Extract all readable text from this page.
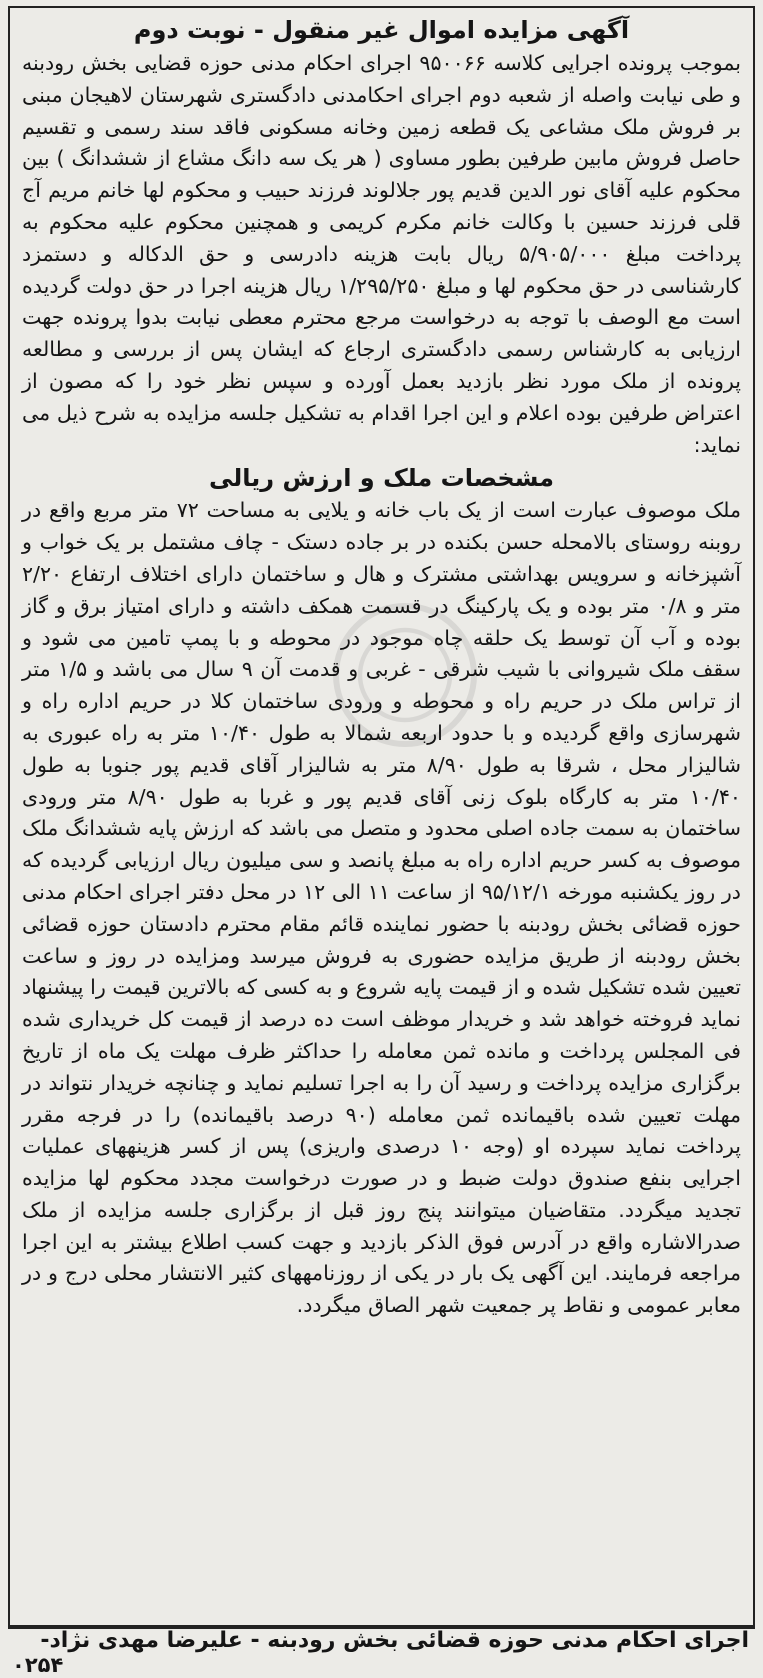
آگهی مزایده اموال غیر منقول - نوبت دوم

بموجب پرونده اجرایی کلاسه ۹۵۰۰۶۶ اجرای احکام مدنی حوزه قضایی بخش رودبنه و طی نیابت واصله از شعبه دوم اجرای احکامدنی دادگستری شهرستان لاهیجان مبنی بر فروش ملک مشاعی یک قطعه زمین وخانه مسکونی فاقد سند رسمی و تقسیم حاصل فروش مابین طرفین بطور مساوی ( هر یک سه دانگ مشاع از ششدانگ ) بین محکوم علیه آقای نور الدین قدیم پور جلالوند فرزند حبیب و محکوم لها خانم مریم آج قلی فرزند حسین با وکالت خانم مکرم کریمی و همچنین محکوم علیه محکوم به پرداخت مبلغ ۵/۹۰۵/۰۰۰ ریال بابت هزینه دادرسی و حق الدکاله و دستمزد کارشناسی در حق محکوم لها و مبلغ ۱/۲۹۵/۲۵۰ ریال هزینه اجرا در حق دولت گردیده است مع الوصف با توجه به درخواست مرجع محترم معطی نیابت بدوا پرونده جهت ارزیابی به کارشناس رسمی دادگستری ارجاع که ایشان پس از بررسی و مطالعه پرونده از ملک مورد نظر بازدید بعمل آورده و سپس نظر خود را که مصون از اعتراض طرفین بوده اعلام و این اجرا اقدام به تشکیل جلسه مزایده به شرح ذیل می نماید:

مشخصات ملک و ارزش ریالی

ملک موصوف عبارت است از یک باب خانه و یلایی به مساحت ۷۲ متر مربع واقع در روبنه روستای بالامحله حسن بکنده در بر جاده دستک - چاف مشتمل بر یک خواب و آشپزخانه و سرویس بهداشتی مشترک و هال و ساختمان دارای اختلاف ارتفاع ۲/۲۰ متر و ۰/۸ متر بوده و یک پارکینگ در قسمت همکف داشته و دارای امتیاز برق و گاز بوده و آب آن توسط یک حلقه چاه موجود در محوطه و با پمپ تامین می شود و سقف ملک شیروانی با شیب شرقی - غربی و قدمت آن ۹ سال می باشد و ۱/۵ متر از تراس ملک در حریم راه و محوطه و ورودی ساختمان کلا در حریم اداره راه و شهرسازی واقع گردیده و با حدود اربعه شمالا به طول ۱۰/۴۰ متر به راه عبوری به شالیزار محل ، شرقا به طول ۸/۹۰ متر به شالیزار آقای قدیم پور جنوبا به طول ۱۰/۴۰ متر به کارگاه بلوک زنی آقای قدیم پور و غربا به طول ۸/۹۰ متر ورودی ساختمان به سمت جاده اصلی محدود و متصل می باشد که ارزش پایه ششدانگ ملک موصوف به کسر حریم اداره راه به مبلغ پانصد و سی میلیون ریال ارزیابی گردیده که در روز یکشنبه مورخه ۹۵/۱۲/۱ از ساعت ۱۱ الی ۱۲ در محل دفتر اجرای احکام مدنی حوزه قضائی بخش رودبنه با حضور نماینده قائم مقام محترم دادستان حوزه قضائی بخش رودبنه از طریق مزایده حضوری به فروش میرسد ومزایده در روز و ساعت تعیین شده تشکیل شده و از قیمت پایه شروع و به کسی که بالاترین قیمت را پیشنهاد نماید فروخته خواهد شد و خریدار موظف است ده درصد از قیمت کل خریداری شده فی المجلس پرداخت و مانده ثمن معامله را حداکثر ظرف مهلت یک ماه از تاریخ برگزاری مزایده پرداخت و رسید آن را به اجرا تسلیم نماید و چنانچه خریدار نتواند در مهلت تعیین شده باقیمانده ثمن معامله (۹۰ درصد باقیمانده) را در فرجه مقرر پرداخت نماید سپرده او (وجه ۱۰ درصدی واریزی) پس از کسر هزینههای عملیات اجرایی بنفع صندوق دولت ضبط و در صورت درخواست مجدد محکوم لها مزایده تجدید میگردد. متقاضیان میتوانند پنج روز قبل از برگزاری جلسه مزایده از ملک صدرالاشاره واقع در آدرس فوق الذکر بازدید و جهت کسب اطلاع بیشتر به این اجرا مراجعه فرمایند. این آگهی یک بار در یکی از روزنامههای کثیر الانتشار محلی درج و در معابر عمومی و نقاط پر جمعیت شهر الصاق میگردد.

اجرای احکام مدنی حوزه قضائی بخش رودبنه - علیرضا مهدی نژاد-
۰۲۵۴
